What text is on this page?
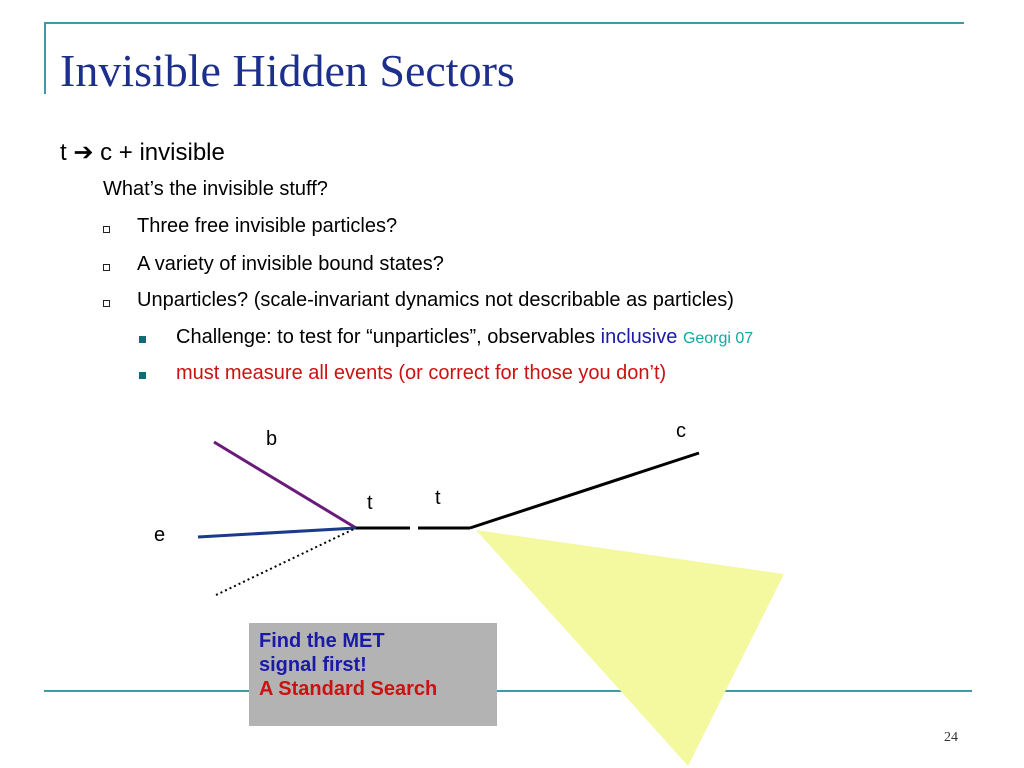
Invisible Hidden Sectors
t ➔ c + invisible
What’s the invisible stuff?
Three free invisible particles?
A variety of invisible bound states?
Unparticles? (scale-invariant dynamics not describable as particles)
Challenge: to test for “unparticles”, observables inclusive Georgi 07
must measure all events (or correct for those you don’t)
b	c
t	t
e
Find the MET
signal first!
A Standard Search
24
